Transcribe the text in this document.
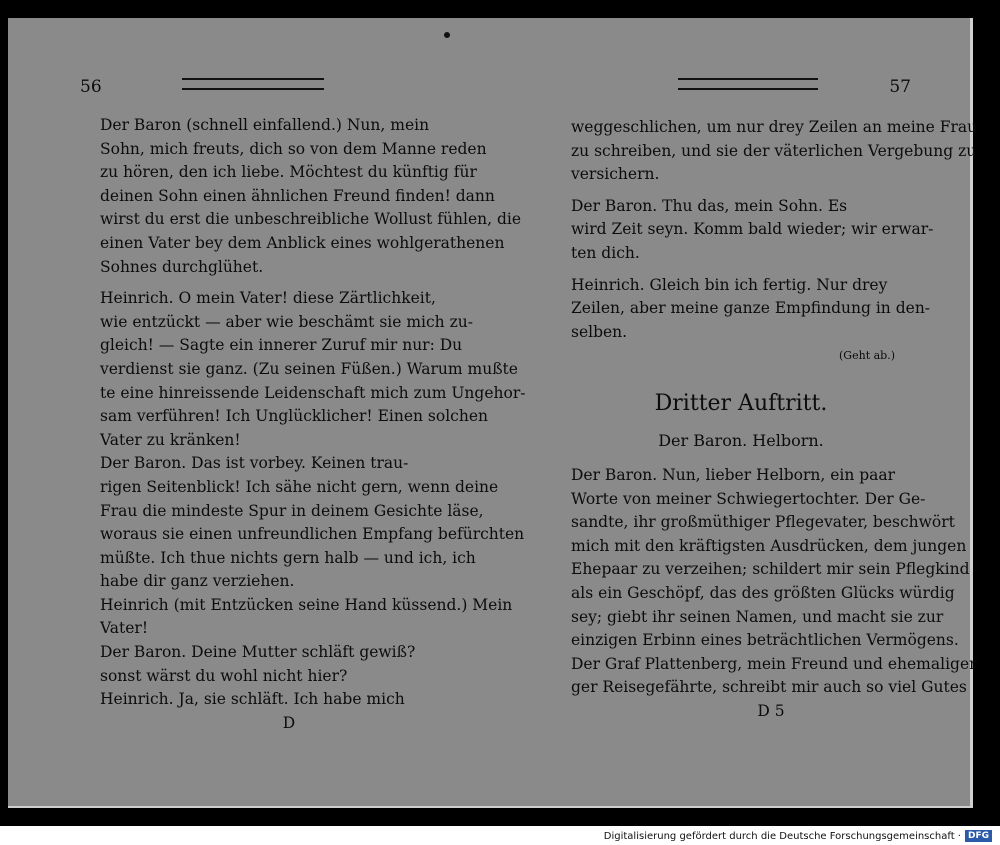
56
Der Baron (schnell einfallend.) Nun, mein
Sohn, mich freuts, dich so von dem Manne reden
zu hören, den ich liebe. Möchtest du künftig für
deinen Sohn einen ähnlichen Freund finden! dann
wirst du erst die unbeschreibliche Wollust fühlen, die
einen Vater bey dem Anblick eines wohlgerathenen
Sohnes durchglühet.
Heinrich. O mein Vater! diese Zärtlichkeit,
wie entzückt — aber wie beschämt sie mich zu-
gleich! — Sagte ein innerer Zuruf mir nur: Du
verdienst sie ganz. (Zu seinen Füßen.) Warum mußte
te eine hinreissende Leidenschaft mich zum Ungehor-
sam verführen! Ich Unglücklicher! Einen solchen
Vater zu kränken!
Der Baron. Das ist vorbey. Keinen trau-
rigen Seitenblick! Ich sähe nicht gern, wenn deine
Frau die mindeste Spur in deinem Gesichte läse,
woraus sie einen unfreundlichen Empfang befürchten
müßte. Ich thue nichts gern halb — und ich, ich
habe dir ganz verziehen.
Heinrich (mit Entzücken seine Hand küssend.) Mein
Vater!
Der Baron. Deine Mutter schläft gewiß?
sonst wärst du wohl nicht hier?
Heinrich. Ja, sie schläft. Ich habe mich
D
57
weggeschlichen, um nur drey Zeilen an meine Frau
zu schreiben, und sie der väterlichen Vergebung zu
versichern.
Der Baron. Thu das, mein Sohn. Es
wird Zeit seyn. Komm bald wieder; wir erwar-
ten dich.
Heinrich. Gleich bin ich fertig. Nur drey
Zeilen, aber meine ganze Empfindung in den-
selben.
(Geht ab.)
Dritter Auftritt.
Der Baron. Helborn.
Der Baron. Nun, lieber Helborn, ein paar
Worte von meiner Schwiegertochter. Der Ge-
sandte, ihr großmüthiger Pflegevater, beschwört
mich mit den kräftigsten Ausdrücken, dem jungen
Ehepaar zu verzeihen; schildert mir sein Pflegkind
als ein Geschöpf, das des größten Glücks würdig
sey; giebt ihr seinen Namen, und macht sie zur
einzigen Erbinn eines beträchtlichen Vermögens.
Der Graf Plattenberg, mein Freund und ehemaliger
ger Reisegefährte, schreibt mir auch so viel Gutes
D 5
Digitalisierung gefördert durch die Deutsche Forschungsgemeinschaft · DFG
